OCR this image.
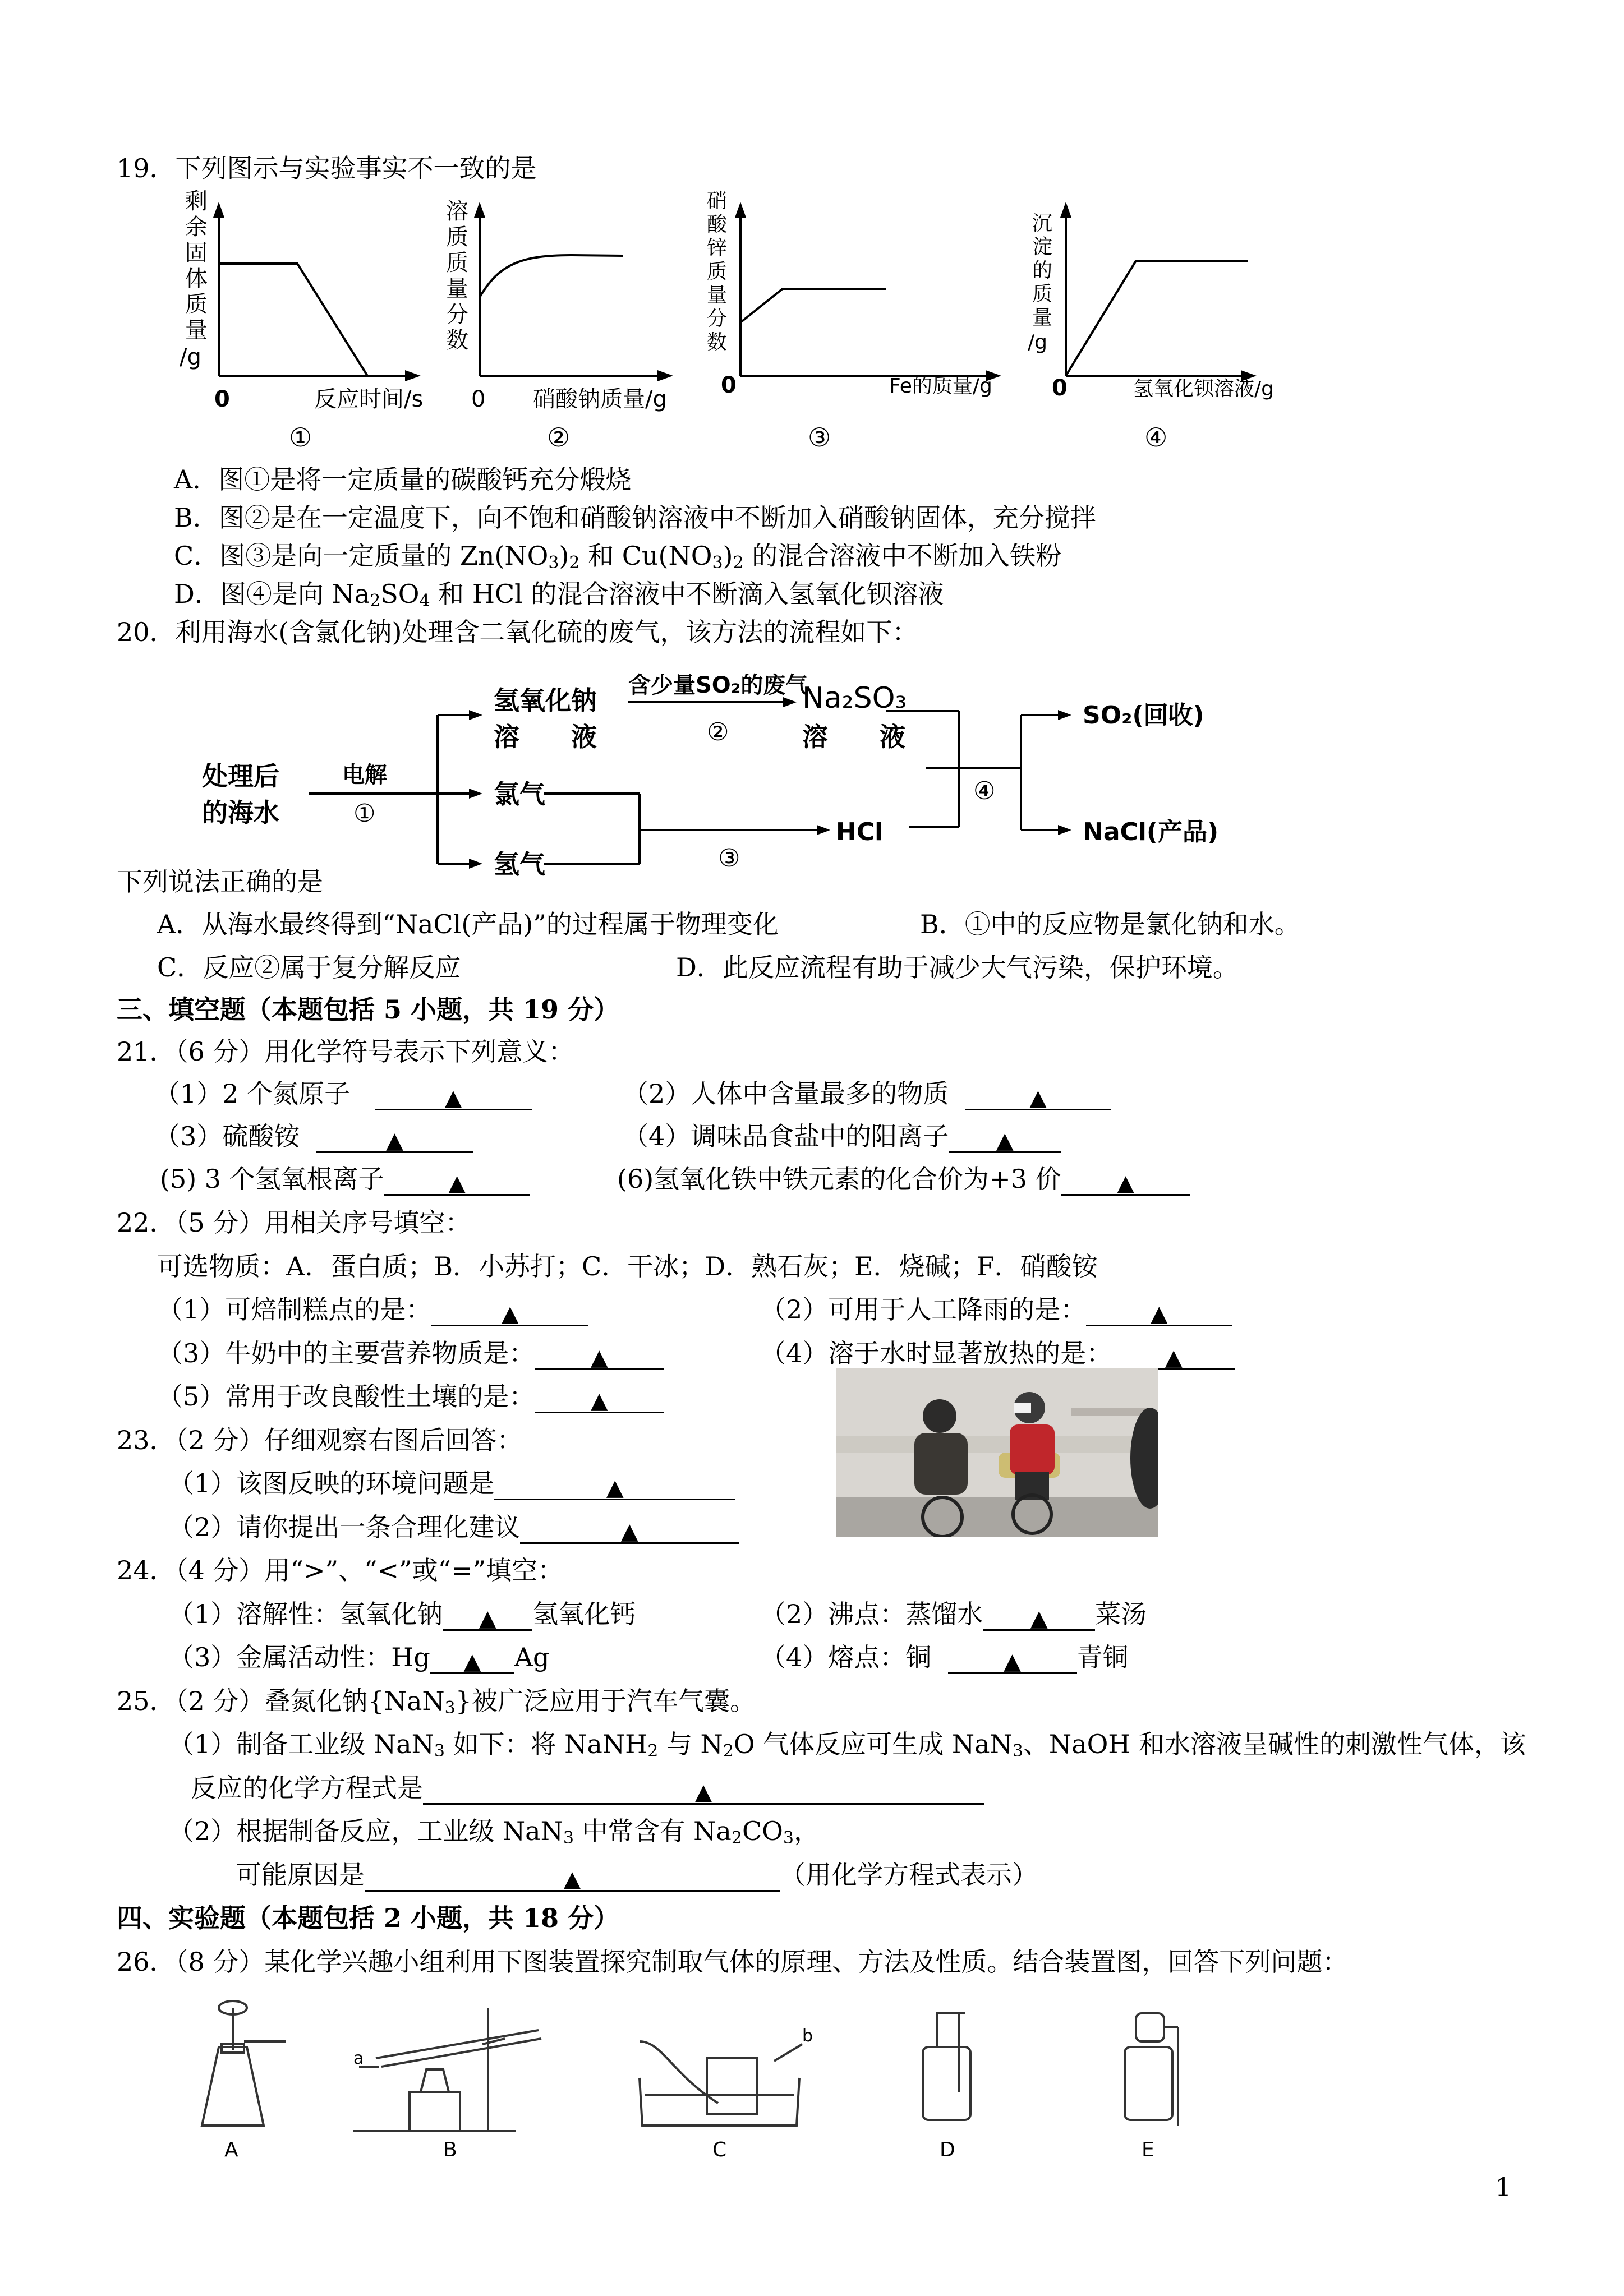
19．下列图示与实验事实不一致的是
剩
余
固
体
质
量
/g
0	反应时间/s
①
溶
质
质
量
分
数
0 硝酸钠质量/g
②
硝
酸
锌
质
量
分
数
0	Fe的质量/g
③
沉
淀
的
质
量
/g
0	氢氧化钡溶液/g
④
A．图①是将一定质量的碳酸钙充分煅烧
B．图②是在一定温度下，向不饱和硝酸钠溶液中不断加入硝酸钠固体，充分搅拌
C．图③是向一定质量的 $Zn(NO_3)_2$ 和 $Cu(NO_3)_2$ 的混合溶液中不断加入铁粉
D．图④是向 $Na_2SO_4$ 和 HCl 的混合溶液中不断滴入氢氧化钡溶液
20．利用海水(含氯化钠)处理含二氧化硫的废气，该方法的流程如下：
处理后
的海水
电解
①
氢氧化钠
溶　　液
含少量SO₂的废气
②
Na₂SO₃
溶　　液
氯气
氢气	③
HCl
④
SO₂(回收)
NaCl(产品)
下列说法正确的是
A．从海水最终得到“NaCl(产品)”的过程属于物理变化	B．①中的反应物是氯化钠和水。
C．反应②属于复分解反应	D．此反应流程有助于减少大气污染，保护环境。
三、填空题（本题包括 5 小题，共 19 分）
21．（6 分）用化学符号表示下列意义：
（1）2 个氮原子	▲	（2）人体中含量最多的物质	▲
（3）硫酸铵	▲	（4）调味品食盐中的阳离子 ▲
(5) 3 个氢氧根离子	▲	(6)氢氧化铁中铁元素的化合价为+3 价 ▲
22．（5 分）用相关序号填空：
可选物质：A．蛋白质；B．小苏打；C．干冰；D．熟石灰；E．烧碱；F．硝酸铵
（1）可焙制糕点的是：	▲	（2）可用于人工降雨的是：	▲
（3）牛奶中的主要营养物质是： ▲	（4）溶于水时显著放热的是： ▲
（5）常用于改良酸性土壤的是： ▲
23．（2 分）仔细观察右图后回答：
（1）该图反映的环境问题是	▲
（2）请你提出一条合理化建议	▲
24．（4 分）用“>”、“<”或“=”填空：
（1）溶解性：氢氧化钠 ▲ 氢氧化钙	（2）沸点：蒸馏水 ▲ 菜汤
（3）金属活动性：Hg ▲ Ag	（4）熔点：铜	▲ 青铜
25．（2 分）叠氮化钠{NaN$_3$}被广泛应用于汽车气囊。
（1）制备工业级 NaN$_3$ 如下：将 NaNH$_2$ 与 $N_2O$ 气体反应可生成 NaN$_3$、NaOH 和水溶液呈碱性的刺激性气体，该
反应的化学方程式是	▲
（2）根据制备反应，工业级 NaN$_3$ 中常含有 $Na_2CO_3$，
可能原因是	▲	（用化学方程式表示）
四、实验题（本题包括 2 小题，共 18 分）
26．（8 分）某化学兴趣小组利用下图装置探究制取气体的原理、方法及性质。结合装置图，回答下列问题：
A
a
B	C
b
D	E
1
